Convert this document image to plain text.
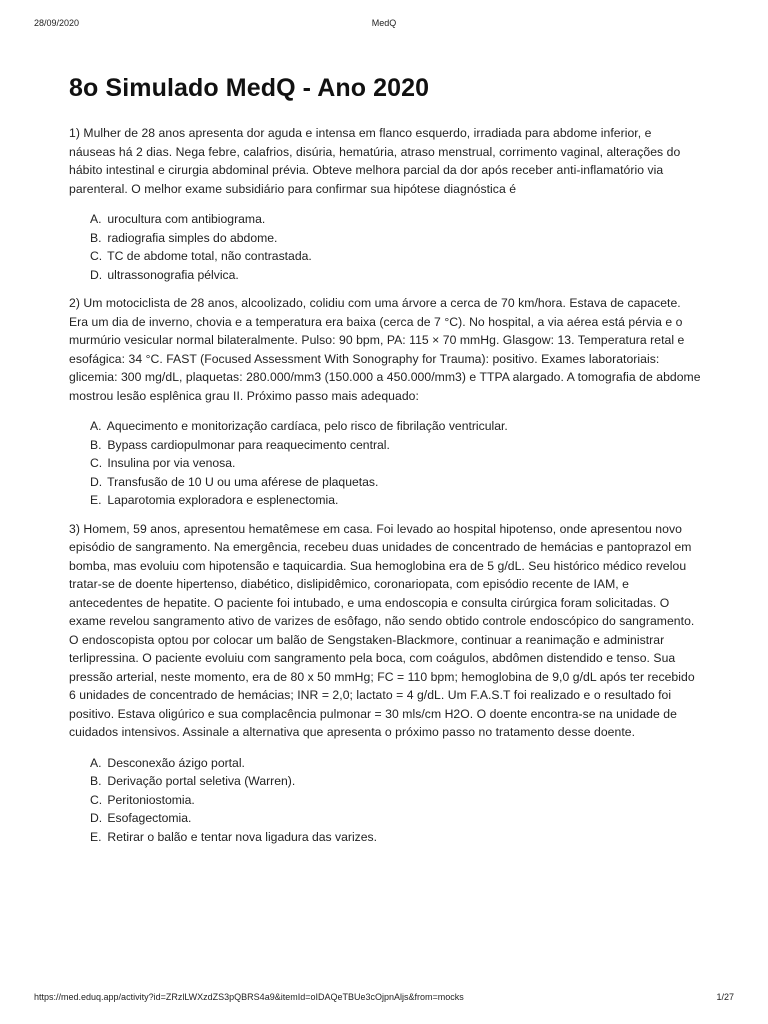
28/09/2020	MedQ
8o Simulado MedQ - Ano 2020

1) Mulher de 28 anos apresenta dor aguda e intensa em flanco esquerdo, irradiada para abdome inferior, e náuseas há 2 dias. Nega febre, calafrios, disúria, hematúria, atraso menstrual, corrimento vaginal, alterações do hábito intestinal e cirurgia abdominal prévia. Obteve melhora parcial da dor após receber anti-inflamatório via parenteral. O melhor exame subsidiário para confirmar sua hipótese diagnóstica é

A. urocultura com antibiograma.
B. radiografia simples do abdome.
C. TC de abdome total, não contrastada.
D. ultrassonografia pélvica.

2) Um motociclista de 28 anos, alcoolizado, colidiu com uma árvore a cerca de 70 km/hora. Estava de capacete. Era um dia de inverno, chovia e a temperatura era baixa (cerca de 7 °C). No hospital, a via aérea está pérvia e o murmúrio vesicular normal bilateralmente. Pulso: 90 bpm, PA: 115 × 70 mmHg. Glasgow: 13. Temperatura retal e esofágica: 34 °C. FAST (Focused Assessment With Sonography for Trauma): positivo. Exames laboratoriais: glicemia: 300 mg/dL, plaquetas: 280.000/mm3 (150.000 a 450.000/mm3) e TTPA alargado. A tomografia de abdome mostrou lesão esplênica grau II. Próximo passo mais adequado:

A. Aquecimento e monitorização cardíaca, pelo risco de fibrilação ventricular.
B. Bypass cardiopulmonar para reaquecimento central.
C. Insulina por via venosa.
D. Transfusão de 10 U ou uma aférese de plaquetas.
E. Laparotomia exploradora e esplenectomia.

3) Homem, 59 anos, apresentou hematêmese em casa. Foi levado ao hospital hipotenso, onde apresentou novo episódio de sangramento. Na emergência, recebeu duas unidades de concentrado de hemácias e pantoprazol em bomba, mas evoluiu com hipotensão e taquicardia. Sua hemoglobina era de 5 g/dL. Seu histórico médico revelou tratar-se de doente hipertenso, diabético, dislipidêmico, coronariopata, com episódio recente de IAM, e antecedentes de hepatite. O paciente foi intubado, e uma endoscopia e consulta cirúrgica foram solicitadas. O exame revelou sangramento ativo de varizes de esôfago, não sendo obtido controle endoscópico do sangramento. O endoscopista optou por colocar um balão de Sengstaken-Blackmore, continuar a reanimação e administrar terlipressina. O paciente evoluiu com sangramento pela boca, com coágulos, abdômen distendido e tenso. Sua pressão arterial, neste momento, era de 80 x 50 mmHg; FC = 110 bpm; hemoglobina de 9,0 g/dL após ter recebido 6 unidades de concentrado de hemácias; INR = 2,0; lactato = 4 g/dL. Um F.A.S.T foi realizado e o resultado foi positivo. Estava oligúrico e sua complacência pulmonar = 30 mls/cm H2O. O doente encontra-se na unidade de cuidados intensivos. Assinale a alternativa que apresenta o próximo passo no tratamento desse doente.

A. Desconexão ázigo portal.
B. Derivação portal seletiva (Warren).
C. Peritoniostomia.
D. Esofagectomia.
E. Retirar o balão e tentar nova ligadura das varizes.
https://med.eduq.app/activity?id=ZRzlLWXzdZS3pQBRS4a9&itemId=oIDAQeTBUe3cOjpnAljs&from=mocks	1/27
